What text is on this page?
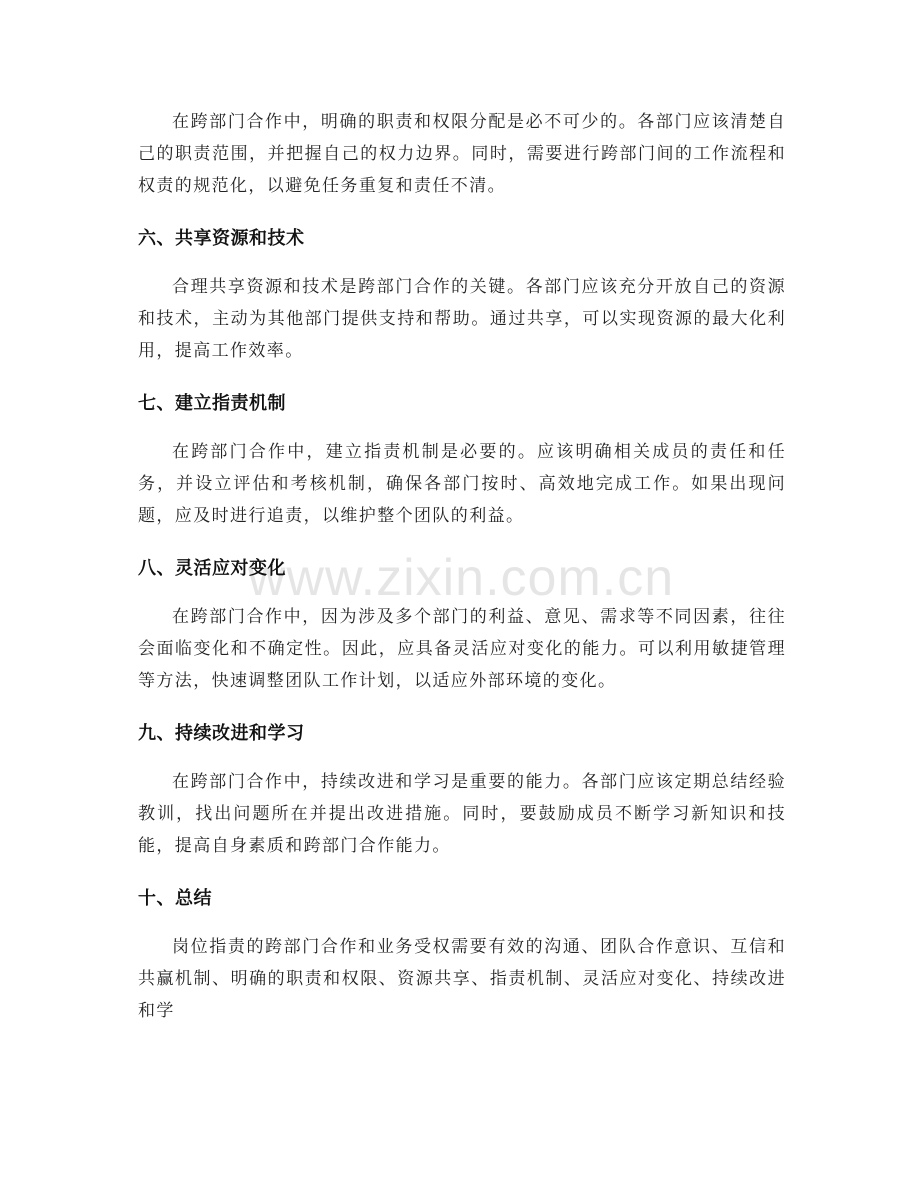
在跨部门合作中，明确的职责和权限分配是必不可少的。各部门应该清楚自己的职责范围，并把握自己的权力边界。同时，需要进行跨部门间的工作流程和权责的规范化，以避免任务重复和责任不清。

六、共享资源和技术

合理共享资源和技术是跨部门合作的关键。各部门应该充分开放自己的资源和技术，主动为其他部门提供支持和帮助。通过共享，可以实现资源的最大化利用，提高工作效率。

七、建立指责机制

在跨部门合作中，建立指责机制是必要的。应该明确相关成员的责任和任务，并设立评估和考核机制，确保各部门按时、高效地完成工作。如果出现问题，应及时进行追责，以维护整个团队的利益。

八、灵活应对变化

在跨部门合作中，因为涉及多个部门的利益、意见、需求等不同因素，往往会面临变化和不确定性。因此，应具备灵活应对变化的能力。可以利用敏捷管理等方法，快速调整团队工作计划，以适应外部环境的变化。

九、持续改进和学习

在跨部门合作中，持续改进和学习是重要的能力。各部门应该定期总结经验教训，找出问题所在并提出改进措施。同时，要鼓励成员不断学习新知识和技能，提高自身素质和跨部门合作能力。

十、总结

岗位指责的跨部门合作和业务受权需要有效的沟通、团队合作意识、互信和共赢机制、明确的职责和权限、资源共享、指责机制、灵活应对变化、持续改进和学

www.zixin.com.cn
